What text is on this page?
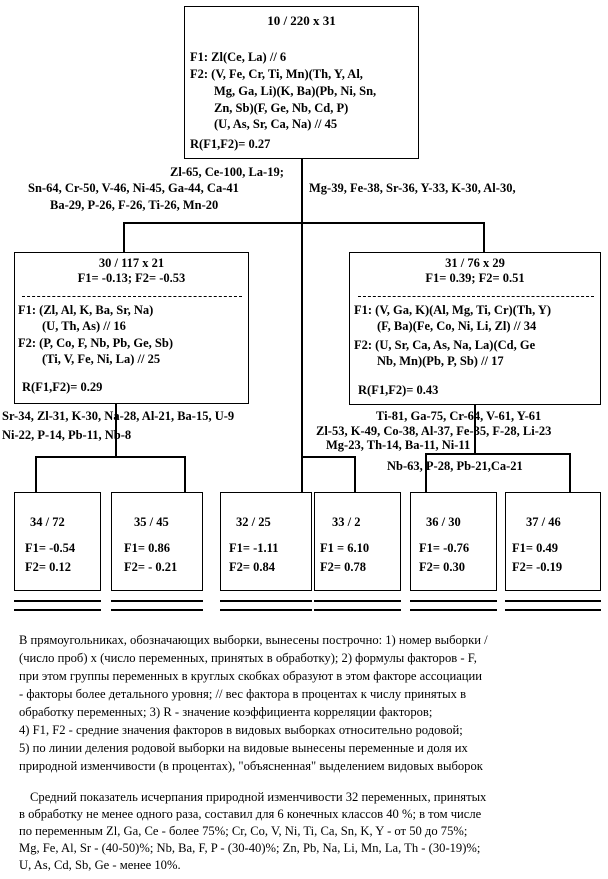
10 / 220 x 31
F1: Zl(Ce, La) // 6
F2: (V, Fe, Cr, Ti, Mn)(Th, Y, Al,
Mg, Ga, Li)(K, Ba)(Pb, Ni, Sn,
Zn, Sb)(F, Ge, Nb, Cd, P)
(U, As, Sr, Ca, Na) // 45
R(F1,F2)= 0.27
Zl-65, Ce-100, La-19;
Sn-64, Cr-50, V-46, Ni-45, Ga-44, Ca-41
Ba-29, P-26, F-26, Ti-26, Mn-20
Mg-39, Fe-38, Sr-36, Y-33, K-30, Al-30,
30 / 117 x 21
F1= -0.13; F2= -0.53
F1: (Zl, Al, K, Ba, Sr, Na)
(U, Th, As) // 16
F2: (P, Co, F, Nb, Pb, Ge, Sb)
(Ti, V, Fe, Ni, La) // 25
R(F1,F2)= 0.29
31 / 76 x 29
F1= 0.39; F2= 0.51
F1: (V, Ga, K)(Al, Mg, Ti, Cr)(Th, Y)
(F, Ba)(Fe, Co, Ni, Li, Zl) // 34
F2: (U, Sr, Ca, As, Na, La)(Cd, Ge
Nb, Mn)(Pb, P, Sb) // 17
R(F1,F2)= 0.43
Sr-34, Zl-31, K-30, Na-28, Al-21, Ba-15, U-9
Ni-22, P-14, Pb-11, Nb-8
Ti-81, Ga-75, Cr-64, V-61, Y-61
Zl-53, K-49, Co-38, Al-37, Fe-35, F-28, Li-23
Mg-23, Th-14, Ba-11, Ni-11
Nb-63, P-28, Pb-21,Ca-21
34 / 72
F1= -0.54
F2= 0.12
35 / 45
F1= 0.86
F2= - 0.21
32 / 25
F1= -1.11
F2= 0.84
33 / 2
F1 = 6.10
F2= 0.78
36 / 30
F1= -0.76
F2= 0.30
37 / 46
F1= 0.49
F2= -0.19
В прямоугольниках, обозначающих выборки, вынесены построчно: 1) номер выборки /
(число проб) х (число переменных, принятых в обработку); 2) формулы факторов - F,
при этом группы переменных в круглых скобках образуют в этом факторе ассоциации
- факторы более детального уровня; // вес фактора в процентах к числу принятых в
обработку переменных; 3) R - значение коэффициента корреляции факторов;
4) F1, F2 - средние значения факторов в видовых выборках относительно родовой;
5) по линии деления родовой выборки на видовые вынесены переменные и доля их
природной изменчивости (в процентах), "объясненная" выделением видовых выборок
Средний показатель исчерпания природной изменчивости 32 переменных, принятых
в обработку не менее одного раза, составил для 6 конечных классов 40 %; в том числе
по переменным Zl, Ga, Ce - более 75%; Cr, Co, V, Ni, Ti, Ca, Sn, K, Y - от 50 до 75%;
Mg, Fe, Al, Sr - (40-50)%; Nb, Ba, F, P - (30-40)%; Zn, Pb, Na, Li, Mn, La, Th - (30-19)%;
U, As, Cd, Sb, Ge - менее 10%.
